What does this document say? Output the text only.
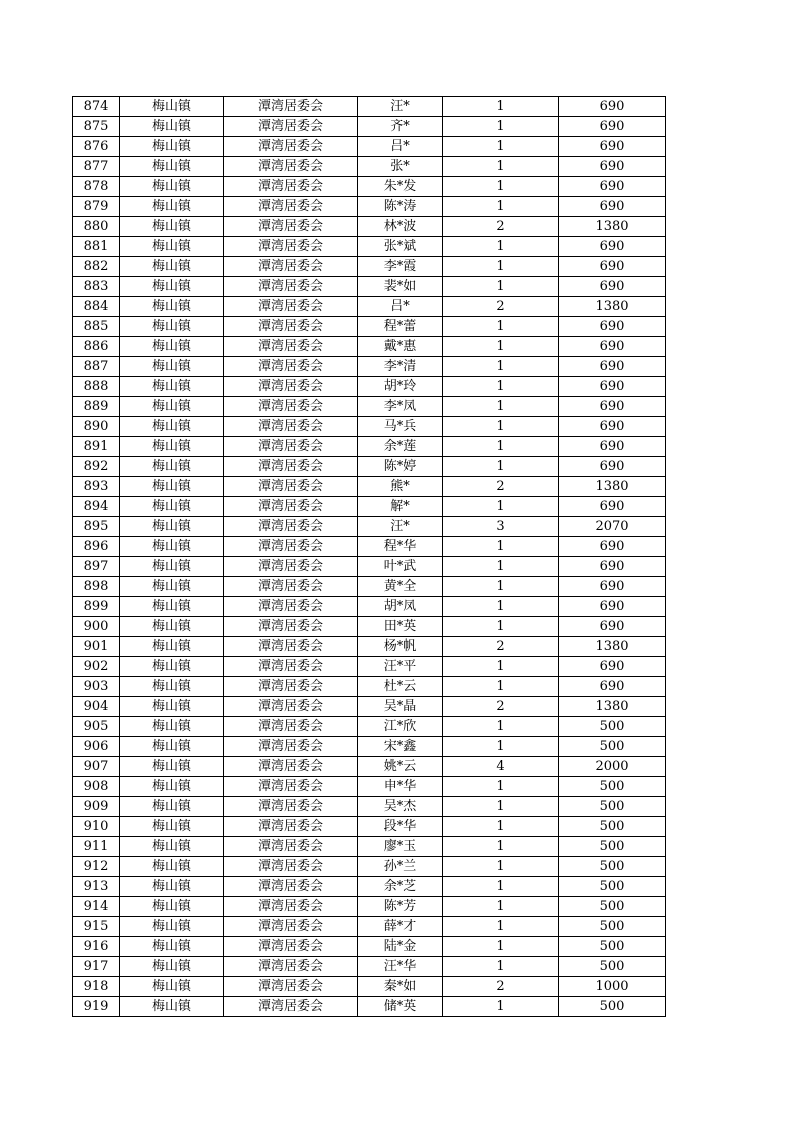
874	梅山镇	潭湾居委会	汪*	1	690
875	梅山镇	潭湾居委会	齐*	1	690
876	梅山镇	潭湾居委会	吕*	1	690
877	梅山镇	潭湾居委会	张*	1	690
878	梅山镇	潭湾居委会	朱*发	1	690
879	梅山镇	潭湾居委会	陈*涛	1	690
880	梅山镇	潭湾居委会	林*波	2	1380
881	梅山镇	潭湾居委会	张*斌	1	690
882	梅山镇	潭湾居委会	李*霞	1	690
883	梅山镇	潭湾居委会	裴*如	1	690
884	梅山镇	潭湾居委会	吕*	2	1380
885	梅山镇	潭湾居委会	程*蕾	1	690
886	梅山镇	潭湾居委会	戴*惠	1	690
887	梅山镇	潭湾居委会	李*清	1	690
888	梅山镇	潭湾居委会	胡*玲	1	690
889	梅山镇	潭湾居委会	李*凤	1	690
890	梅山镇	潭湾居委会	马*兵	1	690
891	梅山镇	潭湾居委会	余*莲	1	690
892	梅山镇	潭湾居委会	陈*婷	1	690
893	梅山镇	潭湾居委会	熊*	2	1380
894	梅山镇	潭湾居委会	解*	1	690
895	梅山镇	潭湾居委会	汪*	3	2070
896	梅山镇	潭湾居委会	程*华	1	690
897	梅山镇	潭湾居委会	叶*武	1	690
898	梅山镇	潭湾居委会	黄*全	1	690
899	梅山镇	潭湾居委会	胡*凤	1	690
900	梅山镇	潭湾居委会	田*英	1	690
901	梅山镇	潭湾居委会	杨*帆	2	1380
902	梅山镇	潭湾居委会	汪*平	1	690
903	梅山镇	潭湾居委会	杜*云	1	690
904	梅山镇	潭湾居委会	吴*晶	2	1380
905	梅山镇	潭湾居委会	江*欣	1	500
906	梅山镇	潭湾居委会	宋*鑫	1	500
907	梅山镇	潭湾居委会	姚*云	4	2000
908	梅山镇	潭湾居委会	申*华	1	500
909	梅山镇	潭湾居委会	吴*杰	1	500
910	梅山镇	潭湾居委会	段*华	1	500
911	梅山镇	潭湾居委会	廖*玉	1	500
912	梅山镇	潭湾居委会	孙*兰	1	500
913	梅山镇	潭湾居委会	余*芝	1	500
914	梅山镇	潭湾居委会	陈*芳	1	500
915	梅山镇	潭湾居委会	薛*才	1	500
916	梅山镇	潭湾居委会	陆*金	1	500
917	梅山镇	潭湾居委会	汪*华	1	500
918	梅山镇	潭湾居委会	秦*如	2	1000
919	梅山镇	潭湾居委会	储*英	1	500
